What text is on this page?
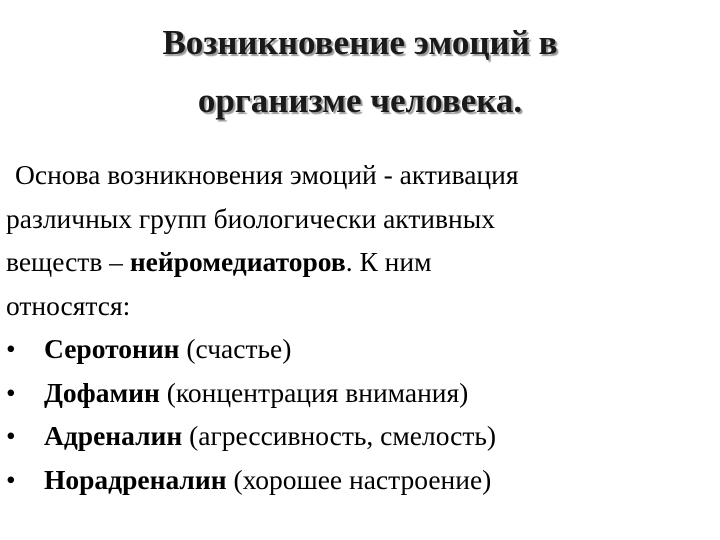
Возникновение эмоций в
организме человека.
Основа возникновения эмоций - активация
различных групп биологически активных
веществ – нейромедиаторов. К ним
относятся:
•	Серотонин (счастье)
•	Дофамин (концентрация внимания)
•	Адреналин (агрессивность, смелость)
•	Норадреналин (хорошее настроение)
